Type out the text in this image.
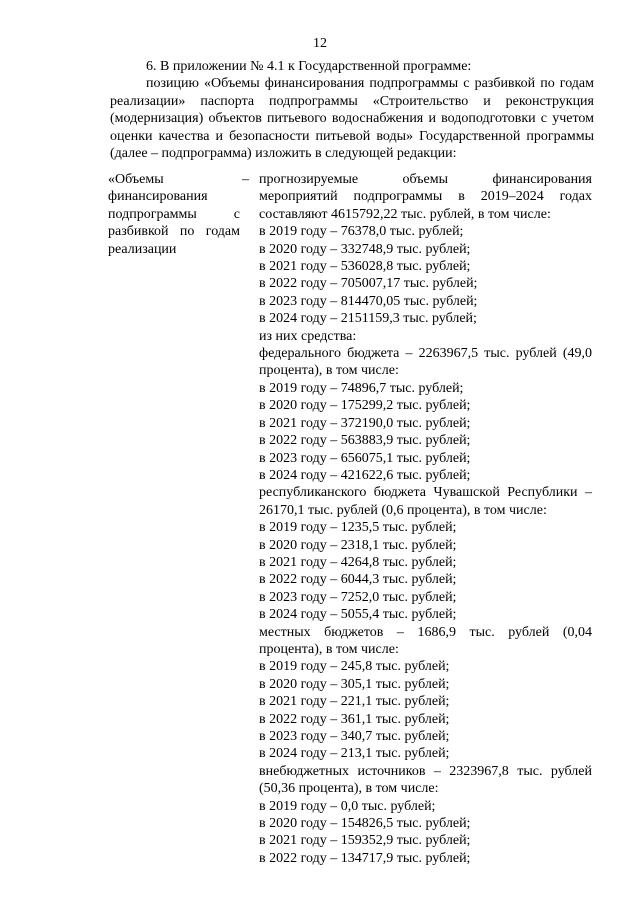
12

6. В приложении № 4.1 к Государственной программе:

позицию «Объемы финансирования подпрограммы с разбивкой по годам реализации» паспорта подпрограммы «Строительство и реконструкция (модернизация) объектов питьевого водоснабжения и водоподготовки с учетом оценки качества и безопасности питьевой воды» Государственной программы (далее – подпрограмма) изложить в следующей редакции:

«Объемы финансирования подпрограммы с разбивкой по годам реализации
– прогнозируемые объемы финансирования мероприятий подпрограммы в 2019–2024 годах составляют 4615792,22 тыс. рублей, в том числе:
в 2019 году – 76378,0 тыс. рублей;
в 2020 году – 332748,9 тыс. рублей;
в 2021 году – 536028,8 тыс. рублей;
в 2022 году – 705007,17 тыс. рублей;
в 2023 году – 814470,05 тыс. рублей;
в 2024 году – 2151159,3 тыс. рублей;
из них средства:
федерального бюджета – 2263967,5 тыс. рублей (49,0 процента), в том числе:
в 2019 году – 74896,7 тыс. рублей;
в 2020 году – 175299,2 тыс. рублей;
в 2021 году – 372190,0 тыс. рублей;
в 2022 году – 563883,9 тыс. рублей;
в 2023 году – 656075,1 тыс. рублей;
в 2024 году – 421622,6 тыс. рублей;
республиканского бюджета Чувашской Республики – 26170,1 тыс. рублей (0,6 процента), в том числе:
в 2019 году – 1235,5 тыс. рублей;
в 2020 году – 2318,1 тыс. рублей;
в 2021 году – 4264,8 тыс. рублей;
в 2022 году – 6044,3 тыс. рублей;
в 2023 году – 7252,0 тыс. рублей;
в 2024 году – 5055,4 тыс. рублей;
местных бюджетов – 1686,9 тыс. рублей (0,04 процента), в том числе:
в 2019 году – 245,8 тыс. рублей;
в 2020 году – 305,1 тыс. рублей;
в 2021 году – 221,1 тыс. рублей;
в 2022 году – 361,1 тыс. рублей;
в 2023 году – 340,7 тыс. рублей;
в 2024 году – 213,1 тыс. рублей;
внебюджетных источников – 2323967,8 тыс. рублей (50,36 процента), в том числе:
в 2019 году – 0,0 тыс. рублей;
в 2020 году – 154826,5 тыс. рублей;
в 2021 году – 159352,9 тыс. рублей;
в 2022 году – 134717,9 тыс. рублей;
